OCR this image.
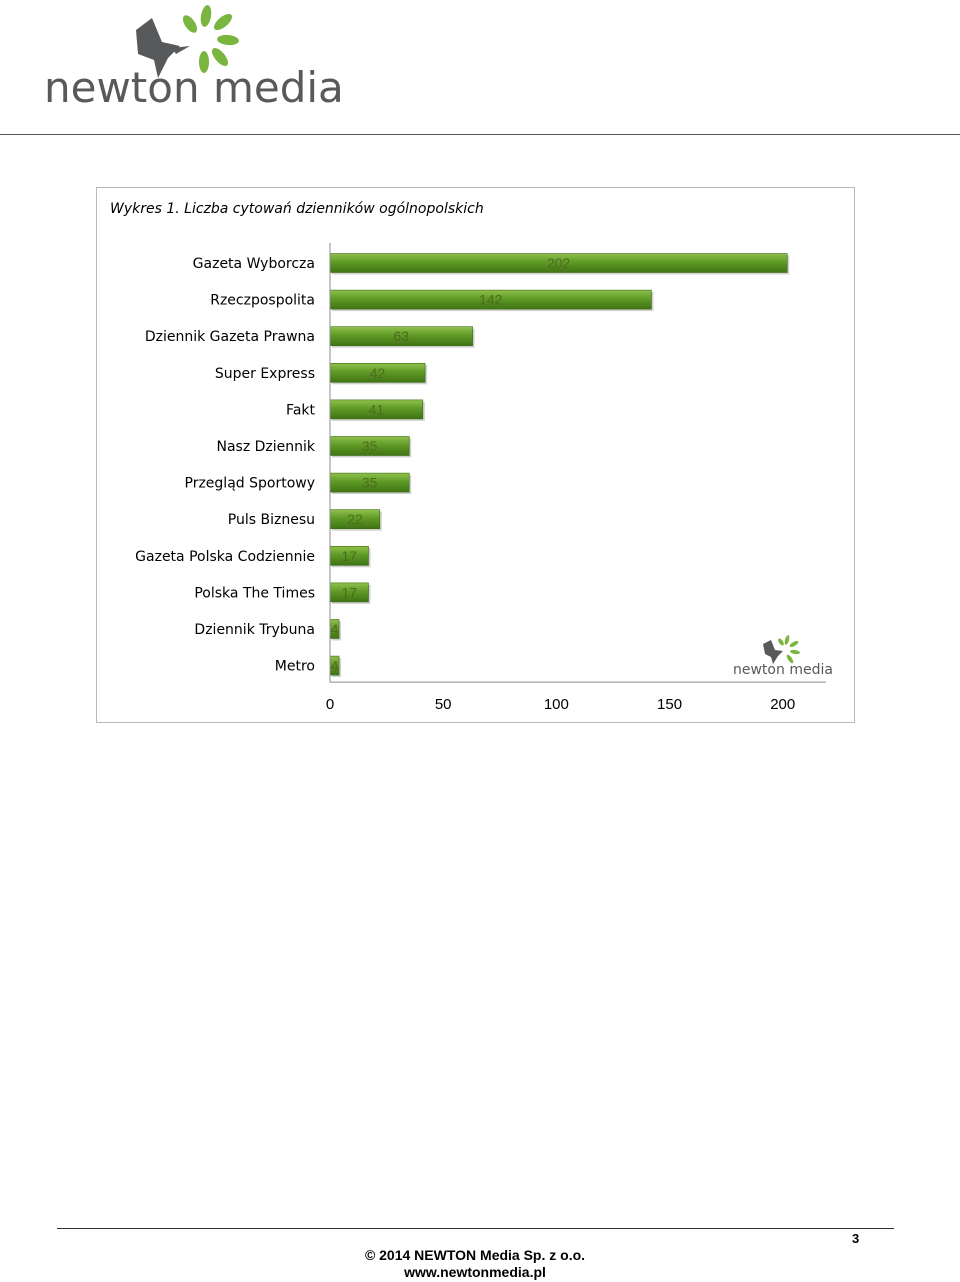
newton media
Wykres 1. Liczba cytowań dzienników ogólnopolskich
202
142
63
42
41
35
35
22
17
17
4
4
Gazeta Wyborcza
Rzeczpospolita
Dziennik Gazeta Prawna
Super Express
Fakt
Nasz Dziennik
Przegląd Sportowy
Puls Biznesu
Gazeta Polska Codziennie
Polska The Times
Dziennik Trybuna
Metro
0	50	100	150	200
newton media
3
© 2014 NEWTON Media Sp. z o.o.
www.newtonmedia.pl
